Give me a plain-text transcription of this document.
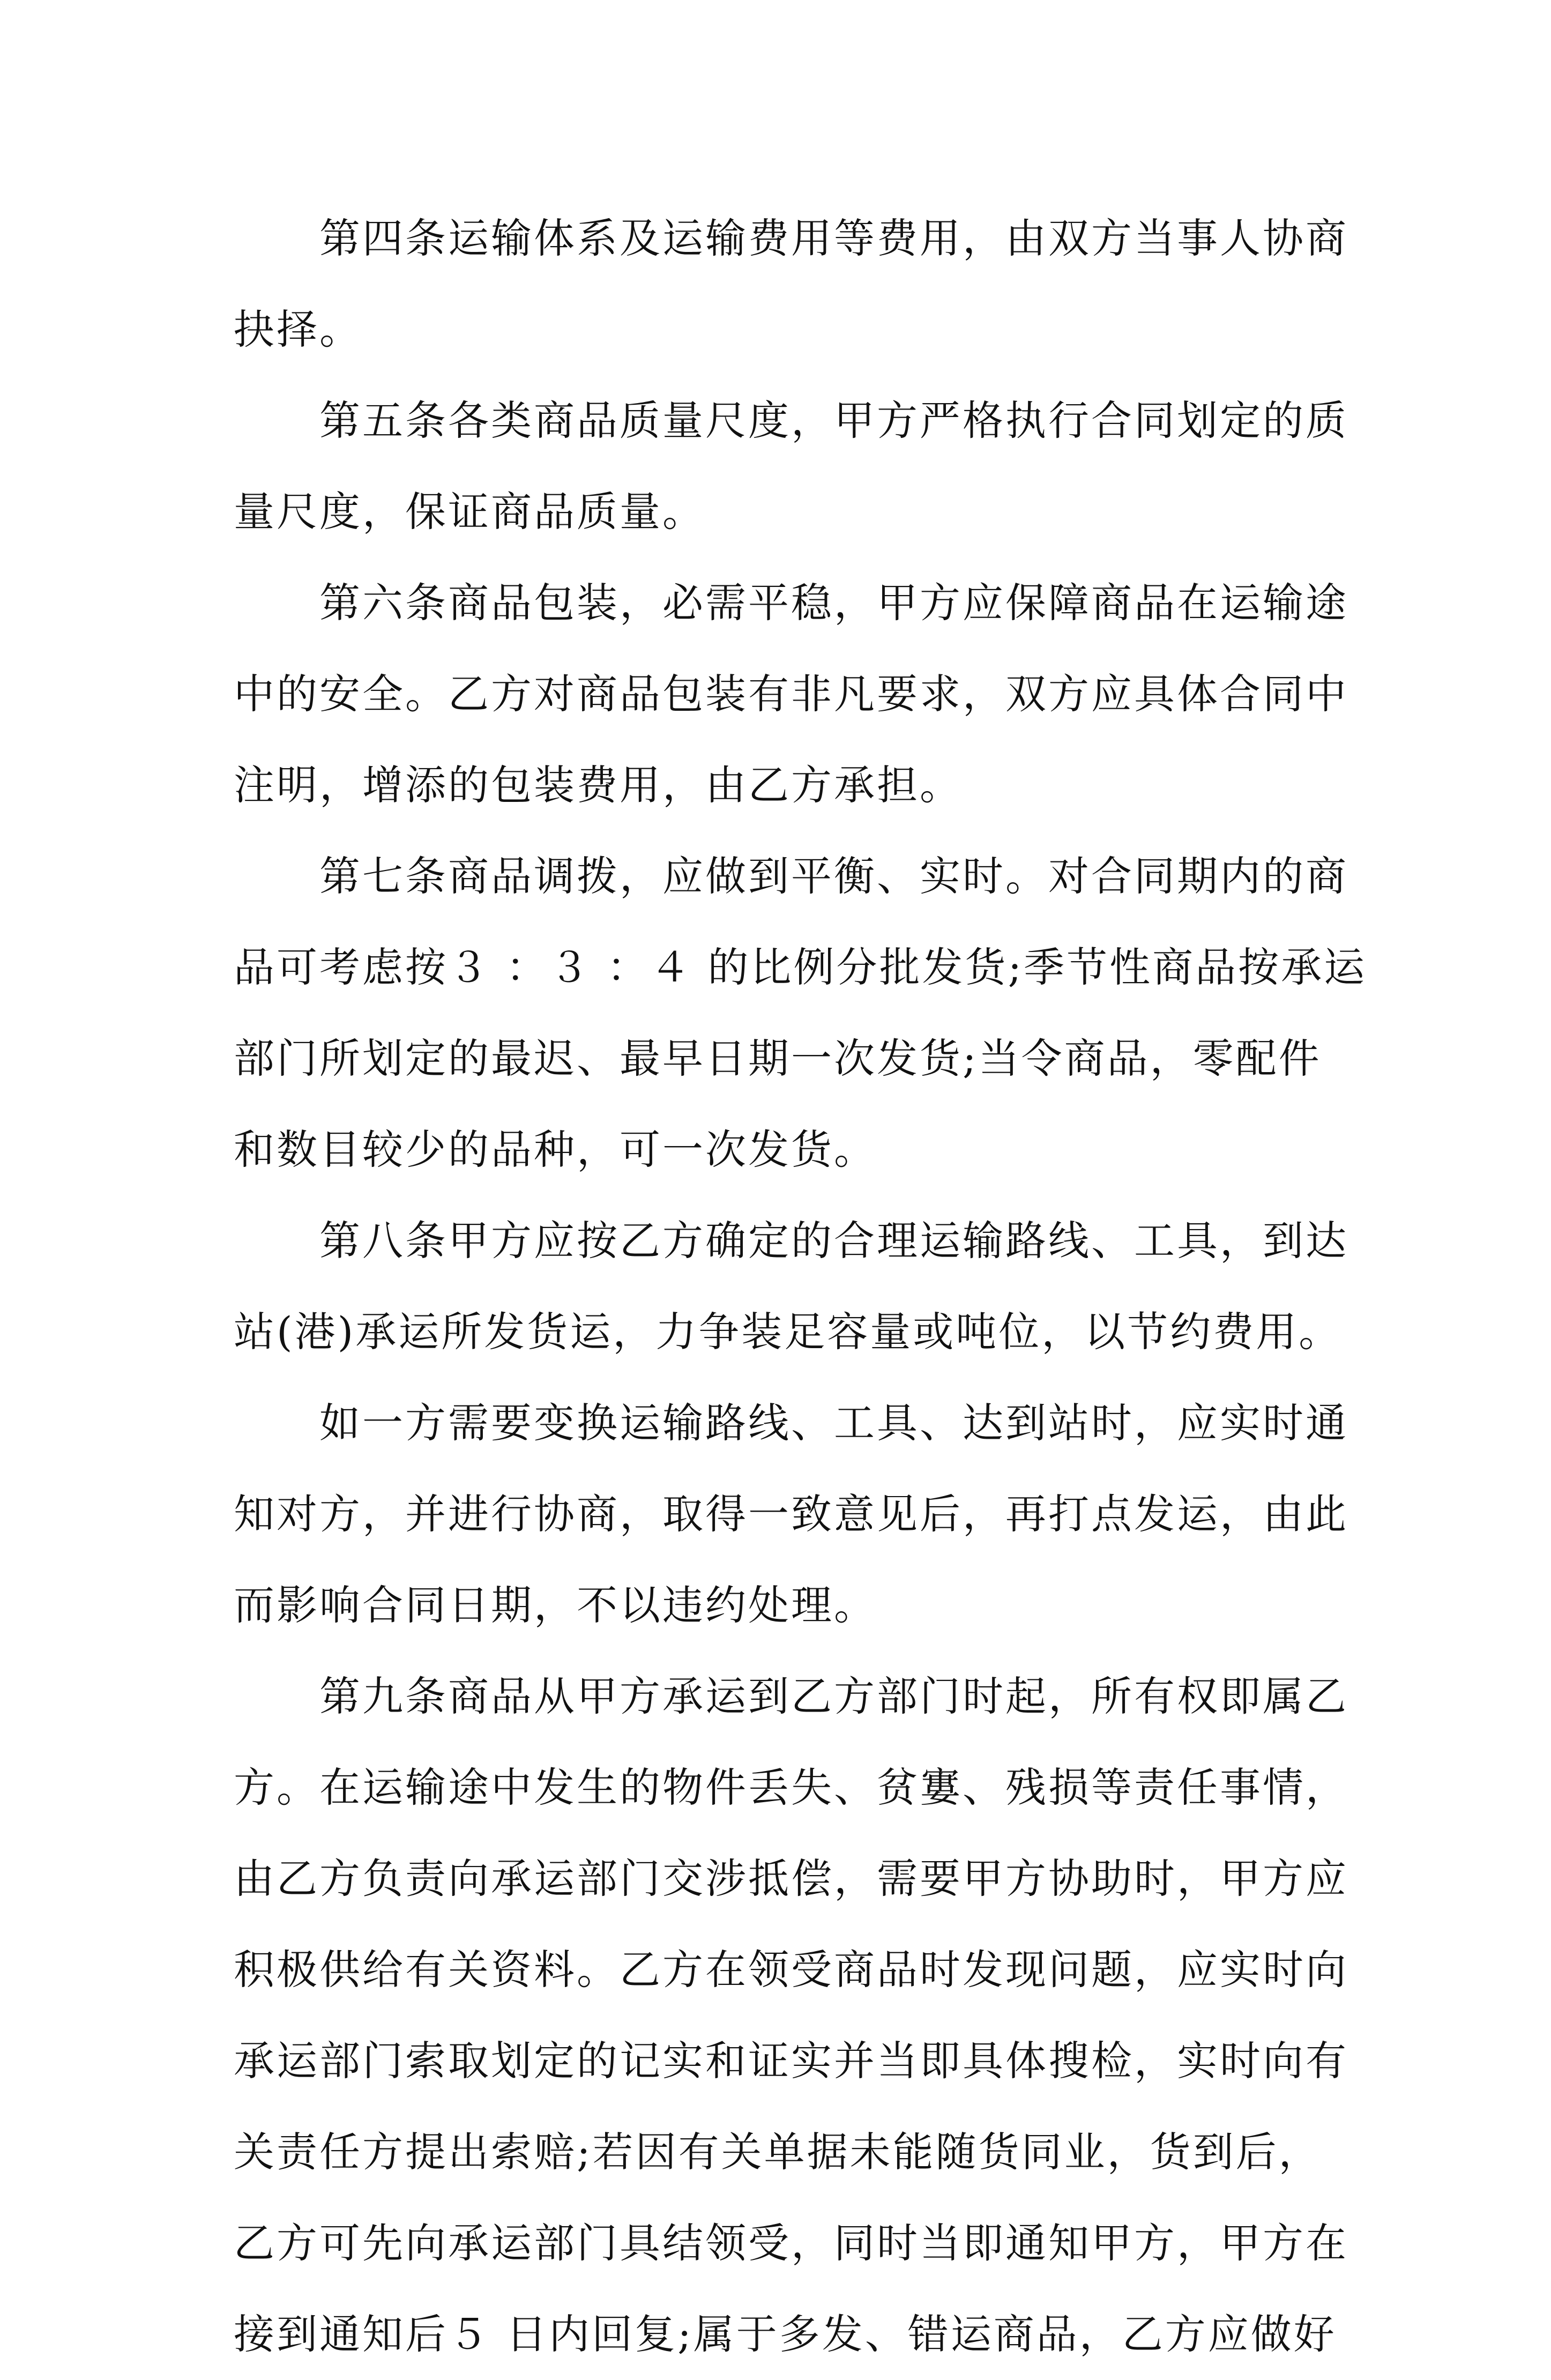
第四条运输体系及运输费用等费用，由双方当事人协商
抉择。
第五条各类商品质量尺度，甲方严格执行合同划定的质
量尺度，保证商品质量。
第六条商品包装，必需平稳，甲方应保障商品在运输途
中的安全。乙方对商品包装有非凡要求，双方应具体合同中
注明，增添的包装费用，由乙方承担。
第七条商品调拨，应做到平衡、实时。对合同期内的商
品可考虑按３ ：３ ：４ 的比例分批发货;季节性商品按承运
部门所划定的最迟、最早日期一次发货;当令商品，零配件
和数目较少的品种，可一次发货。
第八条甲方应按乙方确定的合理运输路线、工具，到达
站(港)承运所发货运，力争装足容量或吨位，以节约费用。
如一方需要变换运输路线、工具、达到站时，应实时通
知对方，并进行协商，取得一致意见后，再打点发运，由此
而影响合同日期，不以违约处理。
第九条商品从甲方承运到乙方部门时起，所有权即属乙
方。在运输途中发生的物件丢失、贫寠、残损等责任事情，
由乙方负责向承运部门交涉抵偿，需要甲方协助时，甲方应
积极供给有关资料。乙方在领受商品时发现问题，应实时向
承运部门索取划定的记实和证实并当即具体搜检，实时向有
关责任方提出索赔;若因有关单据未能随货同业，货到后，
乙方可先向承运部门具结领受，同时当即通知甲方，甲方在
接到通知后５ 日内回复;属于多发、错运商品，乙方应做好
